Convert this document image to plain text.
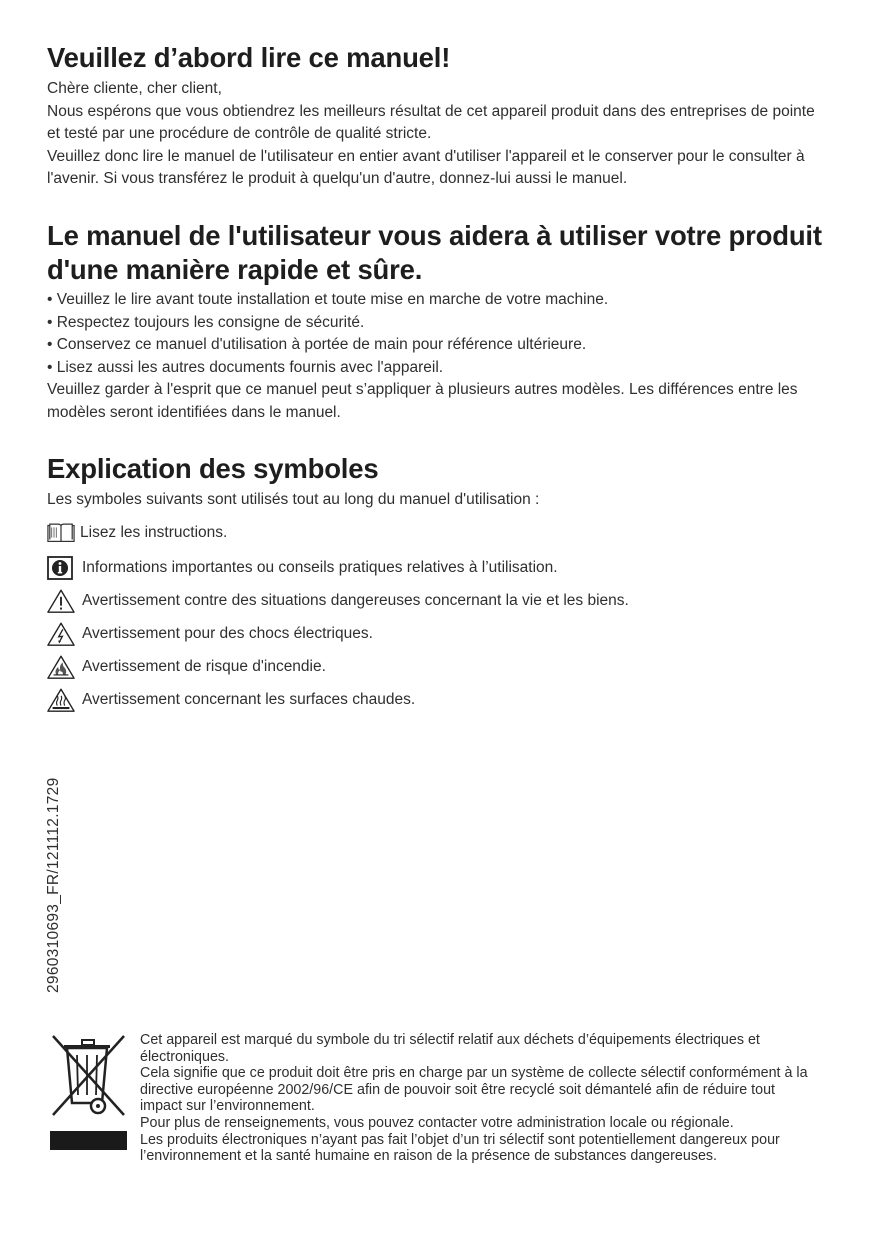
Veuillez d’abord lire ce manuel!

Chère cliente, cher client,

Nous espérons que vous obtiendrez les meilleurs résultat de cet appareil produit dans des entreprises de pointe et testé par une procédure de contrôle de qualité stricte.

Veuillez donc lire le manuel de l'utilisateur en entier avant d'utiliser l'appareil et le conserver pour le consulter à l'avenir. Si vous transférez le produit à quelqu'un d'autre, donnez-lui aussi le manuel.

Le manuel de l'utilisateur vous aidera à utiliser votre produit d'une manière rapide et sûre.

• Veuillez le lire avant toute installation et toute mise en marche de votre machine.

• Respectez toujours les consigne de sécurité.

• Conservez ce manuel d'utilisation à portée de main pour référence ultérieure.

• Lisez aussi les autres documents fournis avec l'appareil.

Veuillez garder à l'esprit que ce manuel peut s’appliquer à plusieurs autres modèles. Les différences entre les modèles seront identifiées dans le manuel.

Explication des symboles

Les symboles suivants sont utilisés tout au long du manuel d'utilisation :

Lisez les instructions.
Informations importantes ou conseils pratiques relatives à l’utilisation.
Avertissement contre des situations dangereuses concernant la vie et les biens.
Avertissement pour des chocs électriques.
Avertissement de risque d'incendie.
Avertissement concernant les surfaces chaudes.
2960310693_FR/121112.1729

Cet appareil est marqué du symbole du tri sélectif relatif aux déchets d’équipements électriques et électroniques.

Cela signifie que ce produit doit être pris en charge par un système de collecte sélectif conformément à la directive européenne 2002/96/CE afin de pouvoir soit être recyclé soit démantelé afin de réduire tout impact sur l’environnement.

Pour plus de renseignements, vous pouvez contacter votre administration locale ou régionale.

Les produits électroniques n’ayant pas fait l’objet d’un tri sélectif sont potentiellement dangereux pour l’environnement et la santé humaine en raison de la présence de substances dangereuses.
